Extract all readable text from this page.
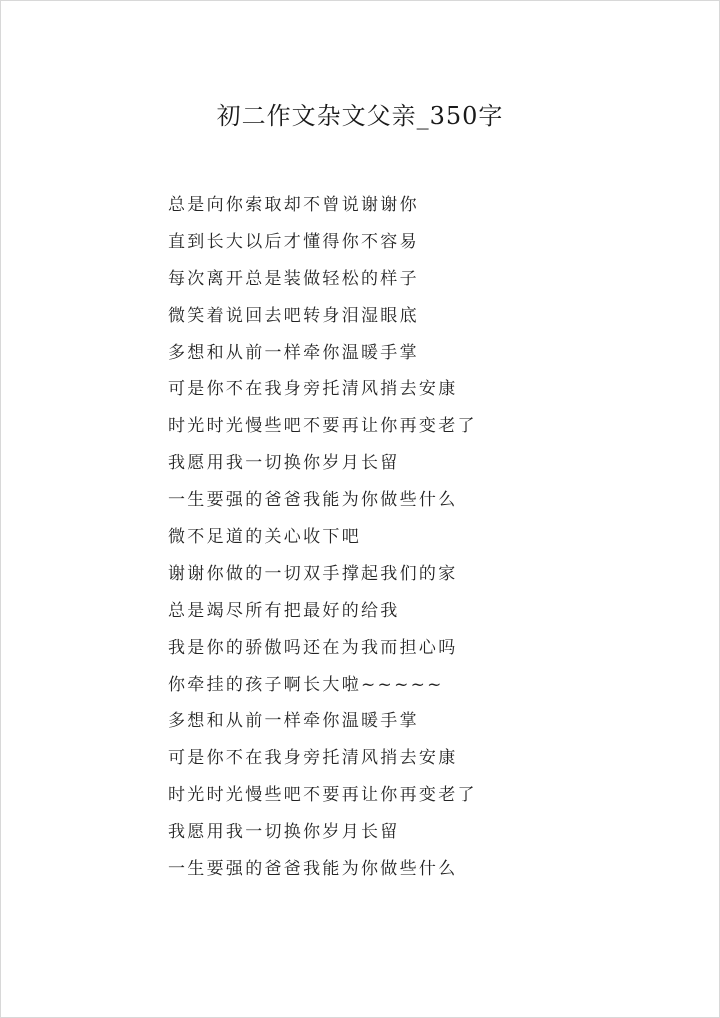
初二作文杂文父亲_350字
总是向你索取却不曾说谢谢你
直到长大以后才懂得你不容易
每次离开总是装做轻松的样子
微笑着说回去吧转身泪湿眼底
多想和从前一样牵你温暖手掌
可是你不在我身旁托清风捎去安康
时光时光慢些吧不要再让你再变老了
我愿用我一切换你岁月长留
一生要强的爸爸我能为你做些什么
微不足道的关心收下吧
谢谢你做的一切双手撑起我们的家
总是竭尽所有把最好的给我
我是你的骄傲吗还在为我而担心吗
你牵挂的孩子啊长大啦~~~~~
多想和从前一样牵你温暖手掌
可是你不在我身旁托清风捎去安康
时光时光慢些吧不要再让你再变老了
我愿用我一切换你岁月长留
一生要强的爸爸我能为你做些什么
